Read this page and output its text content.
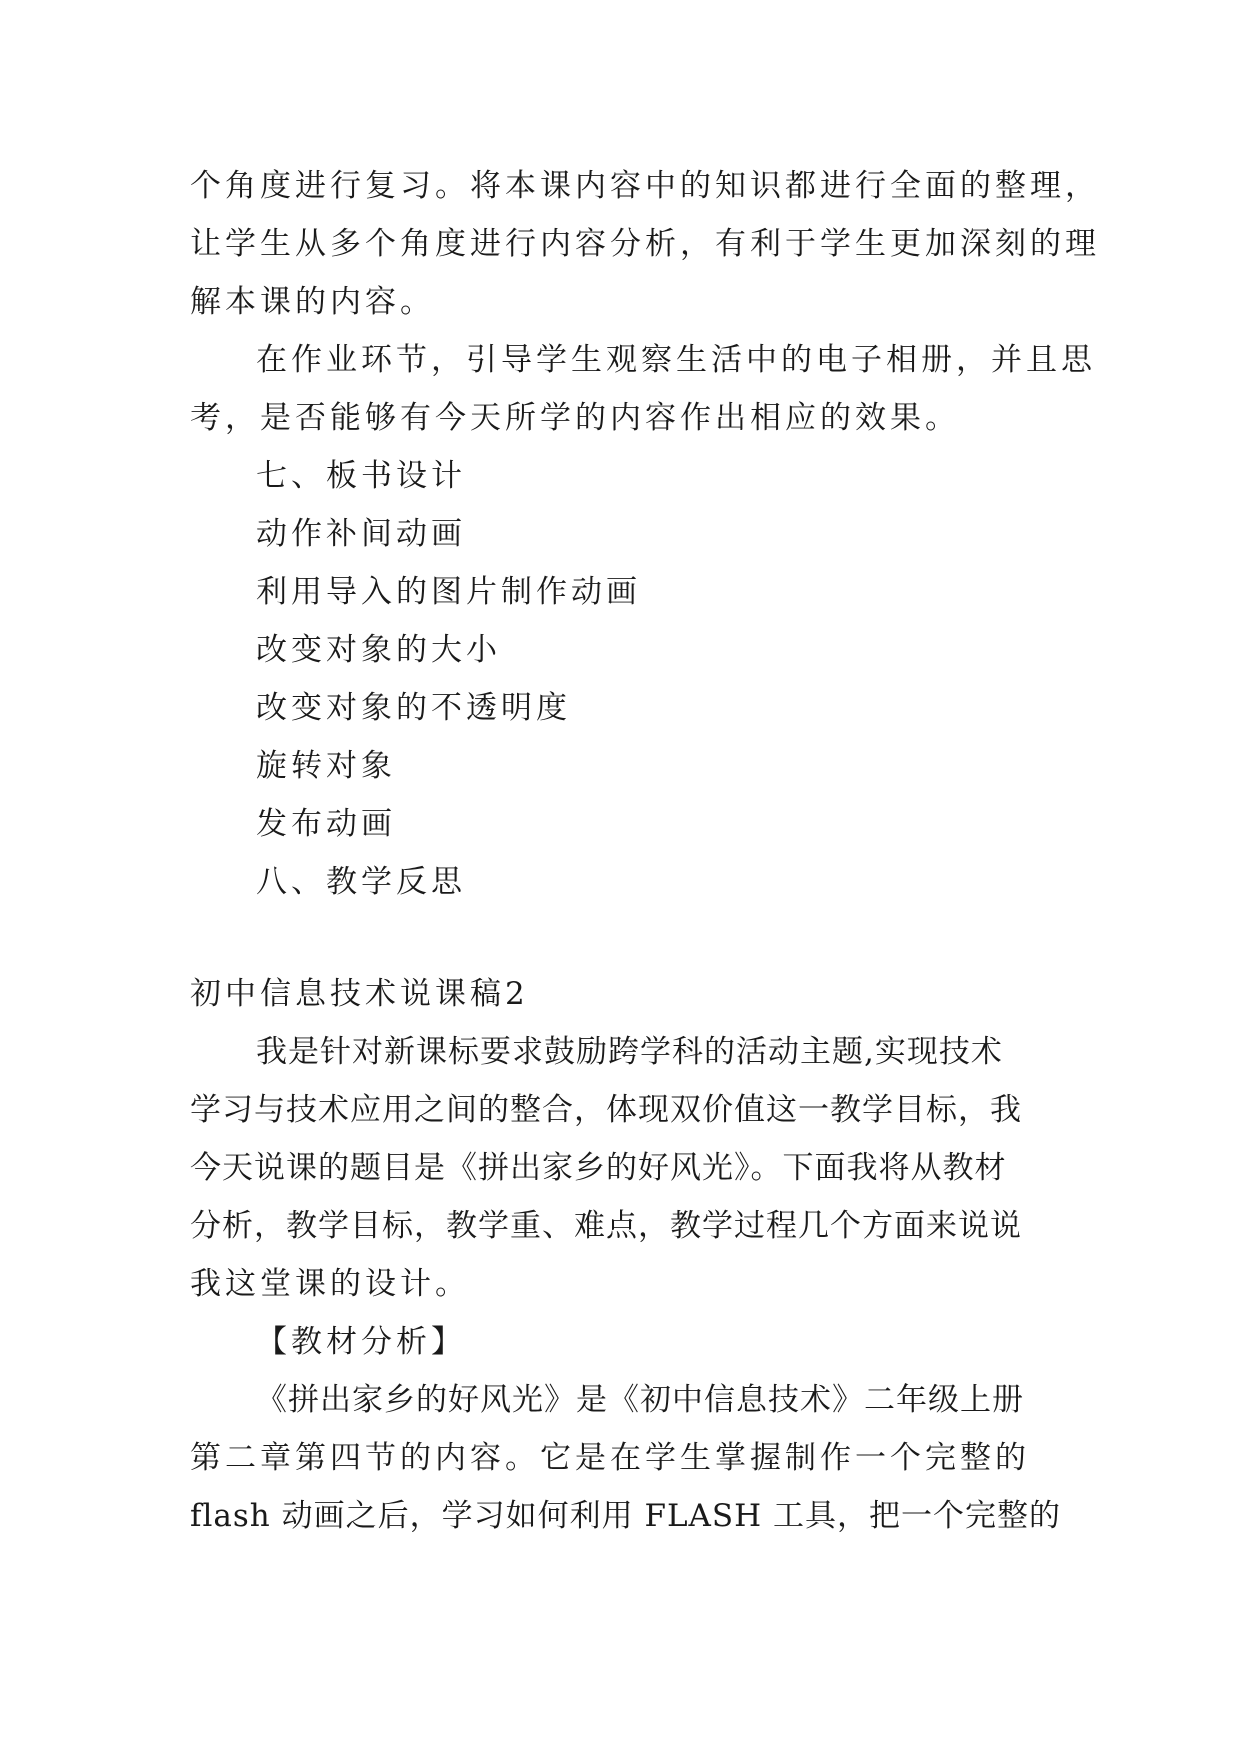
个角度进行复习。将本课内容中的知识都进行全面的整理，
让学生从多个角度进行内容分析，有利于学生更加深刻的理
解本课的内容。
在作业环节，引导学生观察生活中的电子相册，并且思
考，是否能够有今天所学的内容作出相应的效果。
七、板书设计
动作补间动画
利用导入的图片制作动画
改变对象的大小
改变对象的不透明度
旋转对象
发布动画
八、教学反思
初中信息技术说课稿2
我是针对新课标要求鼓励跨学科的活动主题,实现技术
学习与技术应用之间的整合，体现双价值这一教学目标，我
今天说课的题目是《拼出家乡的好风光》。下面我将从教材
分析，教学目标，教学重、难点，教学过程几个方面来说说
我这堂课的设计。
【教材分析】
《拼出家乡的好风光》是《初中信息技术》二年级上册
第二章第四节的内容。它是在学生掌握制作一个完整的
flash 动画之后，学习如何利用 FLASH 工具，把一个完整的
